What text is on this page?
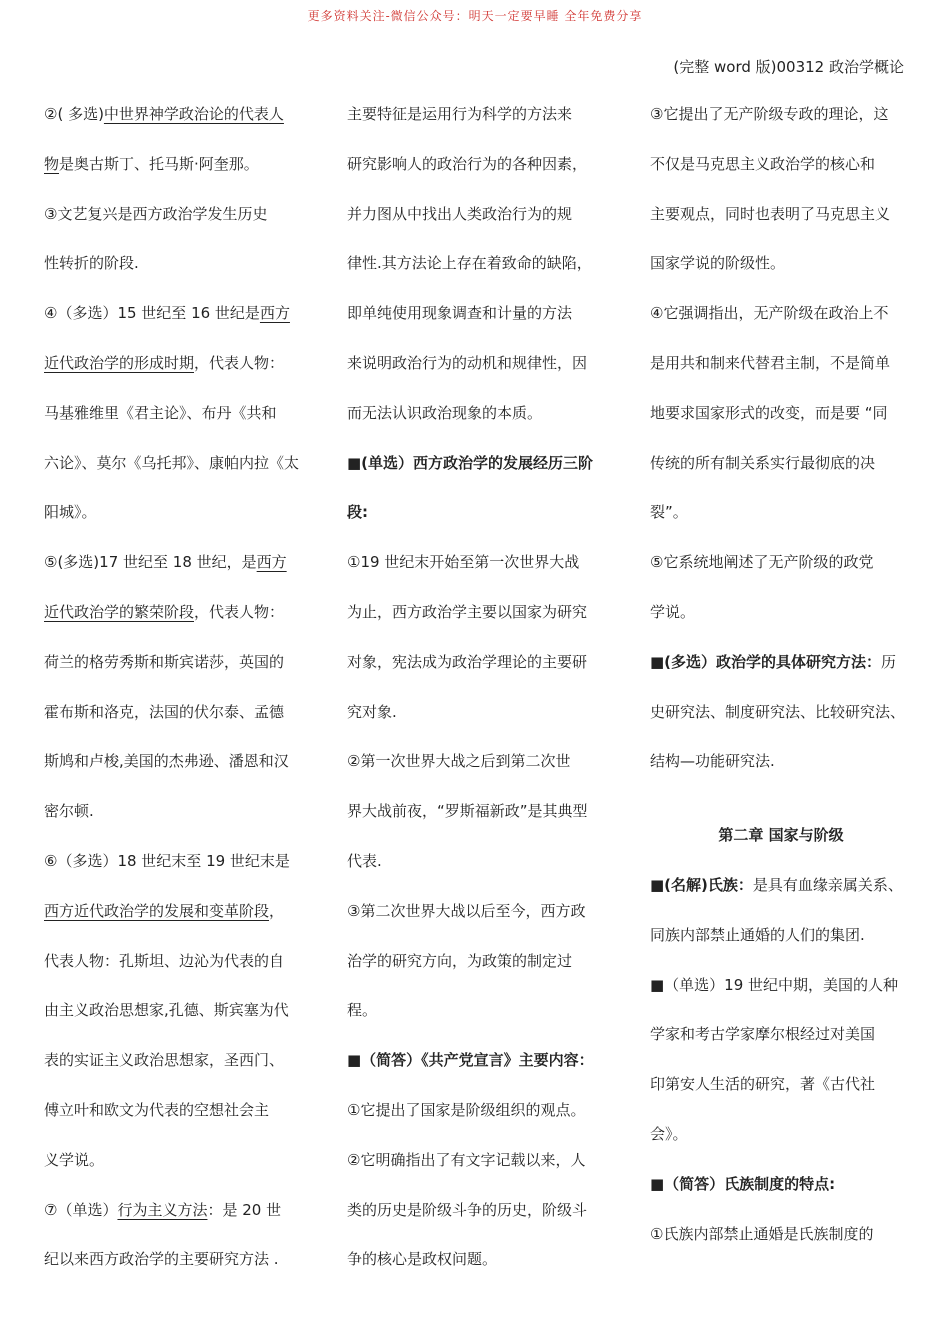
更多资料关注-微信公众号：明天一定要早睡 全年免费分享
(完整 word 版)00312 政治学概论

②( 多选)中世界神学政治论的代表人

物是奥古斯丁、托马斯·阿奎那。

③文艺复兴是西方政治学发生历史

性转折的阶段.

④（多选）15 世纪至 16 世纪是西方

近代政治学的形成时期，代表人物：

马基雅维里《君主论》、布丹《共和

六论》、莫尔《乌托邦》、康帕内拉《太

阳城》。

⑤(多选)17 世纪至 18 世纪，是西方

近代政治学的繁荣阶段，代表人物：

荷兰的格劳秀斯和斯宾诺莎，英国的

霍布斯和洛克，法国的伏尔泰、孟德

斯鸠和卢梭,美国的杰弗逊、潘恩和汉

密尔顿.

⑥（多选）18 世纪末至 19 世纪末是

西方近代政治学的发展和变革阶段，

代表人物：孔斯坦、边沁为代表的自

由主义政治思想家,孔德、斯宾塞为代

表的实证主义政治思想家，圣西门、

傅立叶和欧文为代表的空想社会主

义学说。

⑦（单选）行为主义方法：是 20 世

纪以来西方政治学的主要研究方法 .

主要特征是运用行为科学的方法来

研究影响人的政治行为的各种因素，

并力图从中找出人类政治行为的规

律性.其方法论上存在着致命的缺陷，

即单纯使用现象调查和计量的方法

来说明政治行为的动机和规律性，因

而无法认识政治现象的本质。

■(单选）西方政治学的发展经历三阶

段:

①19 世纪末开始至第一次世界大战

为止，西方政治学主要以国家为研究

对象，宪法成为政治学理论的主要研

究对象.

②第一次世界大战之后到第二次世

界大战前夜，“罗斯福新政”是其典型

代表.

③第二次世界大战以后至今，西方政

治学的研究方向，为政策的制定过

程。

■（简答）《共产党宣言》主要内容：

①它提出了国家是阶级组织的观点。

②它明确指出了有文字记载以来，人

类的历史是阶级斗争的历史，阶级斗

争的核心是政权问题。

③它提出了无产阶级专政的理论，这

不仅是马克思主义政治学的核心和

主要观点，同时也表明了马克思主义

国家学说的阶级性。

④它强调指出，无产阶级在政治上不

是用共和制来代替君主制，不是简单

地要求国家形式的改变，而是要 “同

传统的所有制关系实行最彻底的决

裂”。

⑤它系统地阐述了无产阶级的政党

学说。

■(多选）政治学的具体研究方法：历

史研究法、制度研究法、比较研究法、

结构—功能研究法.

第二章 国家与阶级

■(名解)氏族：是具有血缘亲属关系、

同族内部禁止通婚的人们的集团.

■（单选）19 世纪中期，美国的人种

学家和考古学家摩尔根经过对美国

印第安人生活的研究，著《古代社

会》。

■（简答）氏族制度的特点:

①氏族内部禁止通婚是氏族制度的
